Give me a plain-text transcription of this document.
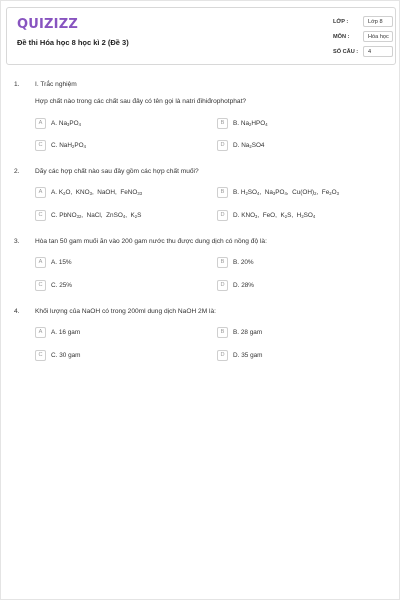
QUIZIZZ
Đề thi Hóa học 8 học kì 2 (Đề 3)
LỚP :	Lớp 8
MÔN :	Hóa học
SỐ CÂU :	4
1. I. Trắc nghiệm
Hợp chất nào trong các chất sau đây có tên gọi là natri đihiđrophotphat?
A	A. $Na_3PO_4$	B	B. $Na_2HPO_4$
C	C. $NaH_2PO_4$	D	D. $Na_2SO4$
2. Dãy các hợp chất nào sau đây gồm các hợp chất muối?
A	A. $K_2O$,  $KNO_3$,  NaOH,  FeNO$_{33}$	B	B. $H_2SO_4$,  $Na_3PO_4$,  $Cu(OH)_2$,  $Fe_2O_3$
C	C. PbNO$_{32}$,  NaCl,  ZnSO$_4$,  $K_2S$	D	D. $KNO_3$,  FeO,  $K_2S$,  $H_2SO_4$
3. Hòa tan 50 gam muối ăn vào 200 gam nước thu được dung dịch có nồng độ là:
A	A. 15%	B	B. 20%
C	C. 25%	D	D. 28%
4. Khối lượng của NaOH có trong 200ml dung dịch NaOH 2M là:
A	A. 16 gam	B	B. 28 gam
C	C. 30 gam	D	D. 35 gam
